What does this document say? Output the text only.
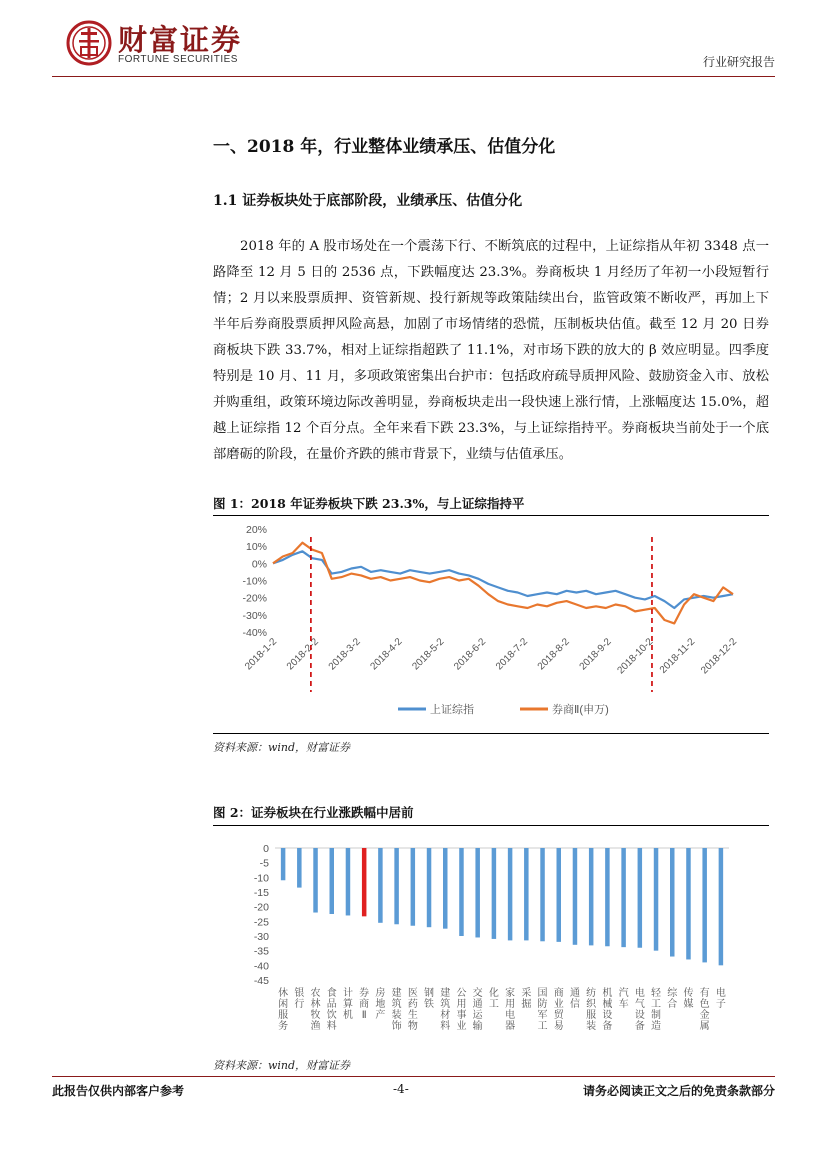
财富证券
FORTUNE SECURITIES	行业研究报告
一、2018 年，行业整体业绩承压、估值分化
1.1 证券板块处于底部阶段，业绩承压、估值分化
2018 年的 A 股市场处在一个震荡下行、不断筑底的过程中，上证综指从年初 3348 点一路降至 12 月 5 日的 2536 点，下跌幅度达 23.3%。券商板块 1 月经历了年初一小段短暂行情；2 月以来股票质押、资管新规、投行新规等政策陆续出台，监管政策不断收严，再加上下半年后券商股票质押风险高悬，加剧了市场情绪的恐慌，压制板块估值。截至 12 月 20 日券商板块下跌 33.7%，相对上证综指超跌了 11.1%，对市场下跌的放大的 β 效应明显。四季度特别是 10 月、11 月，多项政策密集出台护市：包括政府疏导质押风险、鼓励资金入市、放松并购重组，政策环境边际改善明显，券商板块走出一段快速上涨行情，上涨幅度达 15.0%，超越上证综指 12 个百分点。全年来看下跌 23.3%，与上证综指持平。券商板块当前处于一个底部磨砺的阶段，在量价齐跌的熊市背景下，业绩与估值承压。
图 1：2018 年证券板块下跌 23.3%，与上证综指持平
20%
10%
0%
-10%
-20%
-30%
-40%
2018-1-2 2018-2-2 2018-3-2 2018-4-2 2018-5-2 2018-6-2 2018-7-2 2018-8-2 2018-9-2 2018-10-2 2018-11-2 2018-12-2
上证综指	券商Ⅱ(申万)
资料来源：wind，财富证券
图 2：证券板块在行业涨跌幅中居前
0
-5
-10
-15
-20
-25
-30
-35
-40
-45
休闲服务
银行
农林牧渔
食品饮料
计算机
券商 Ⅱ
房地产
建筑装饰
医药生物
钢铁
建筑材料
公用事业
交通运输
化工
家用电器
采掘
国防军工
商业贸易
通信
纺织服装
机械设备
汽车
电气设备
轻工制造
综合
传媒
有色金属
电子
资料来源：wind，财富证券
此报告仅供内部客户参考	-4-	请务必阅读正文之后的免责条款部分
